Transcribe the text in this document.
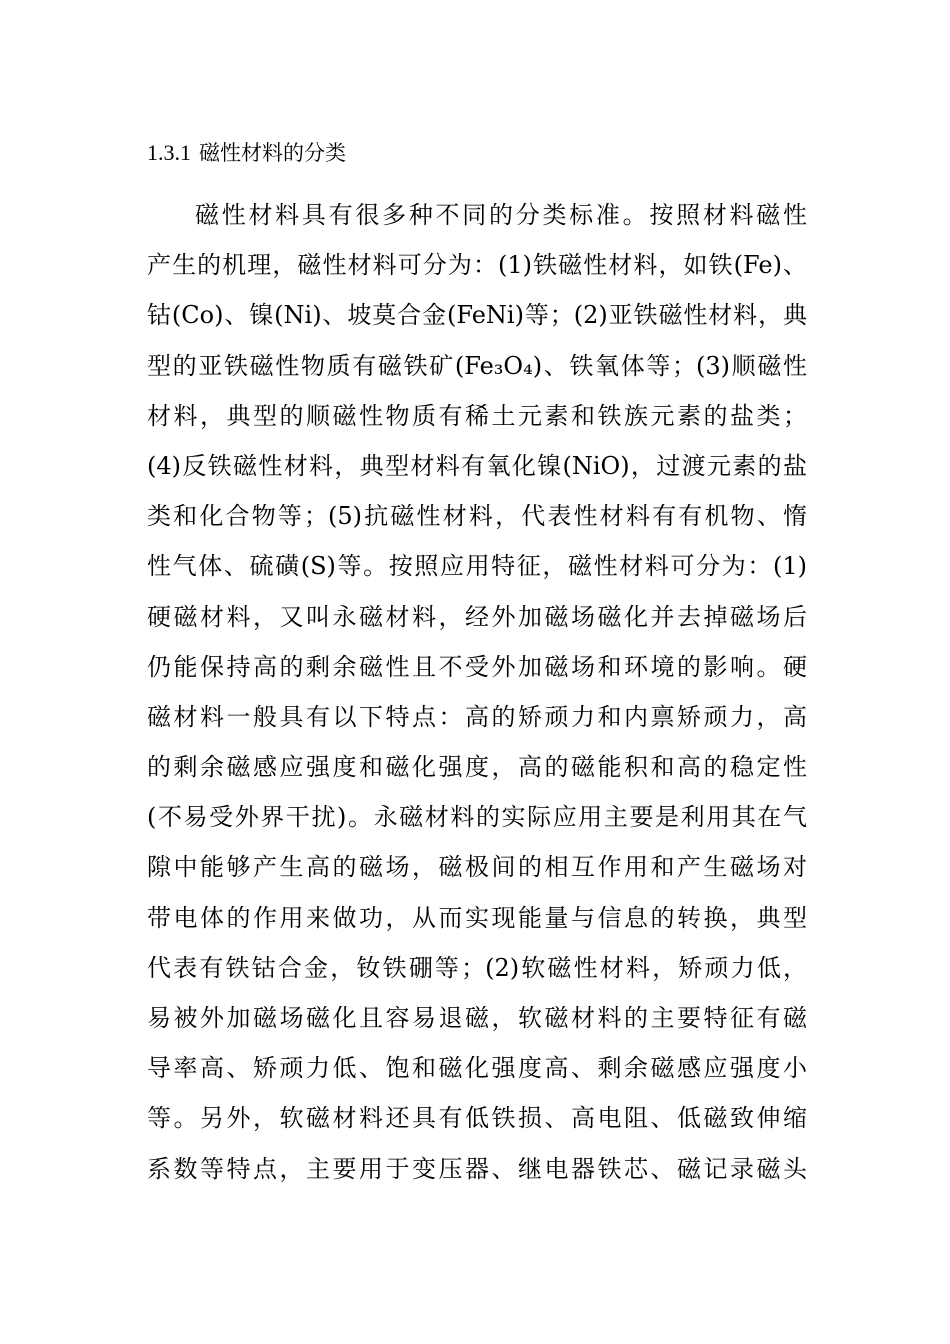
1.3.1 磁性材料的分类
磁性材料具有很多种不同的分类标准。按照材料磁性
产生的机理，磁性材料可分为：(1)铁磁性材料，如铁(Fe)、
钴(Co)、镍(Ni)、坡莫合金(FeNi)等；(2)亚铁磁性材料，典
型的亚铁磁性物质有磁铁矿(Fe₃O₄)、铁氧体等；(3)顺磁性
材料，典型的顺磁性物质有稀土元素和铁族元素的盐类；
(4)反铁磁性材料，典型材料有氧化镍(NiO)，过渡元素的盐
类和化合物等；(5)抗磁性材料，代表性材料有有机物、惰
性气体、硫磺(S)等。按照应用特征，磁性材料可分为：(1)
硬磁材料，又叫永磁材料，经外加磁场磁化并去掉磁场后
仍能保持高的剩余磁性且不受外加磁场和环境的影响。硬
磁材料一般具有以下特点：高的矫顽力和内禀矫顽力，高
的剩余磁感应强度和磁化强度，高的磁能积和高的稳定性
(不易受外界干扰)。永磁材料的实际应用主要是利用其在气
隙中能够产生高的磁场，磁极间的相互作用和产生磁场对
带电体的作用来做功，从而实现能量与信息的转换，典型
代表有铁钴合金，钕铁硼等；(2)软磁性材料，矫顽力低，
易被外加磁场磁化且容易退磁，软磁材料的主要特征有磁
导率高、矫顽力低、饱和磁化强度高、剩余磁感应强度小
等。另外，软磁材料还具有低铁损、高电阻、低磁致伸缩
系数等特点，主要用于变压器、继电器铁芯、磁记录磁头
